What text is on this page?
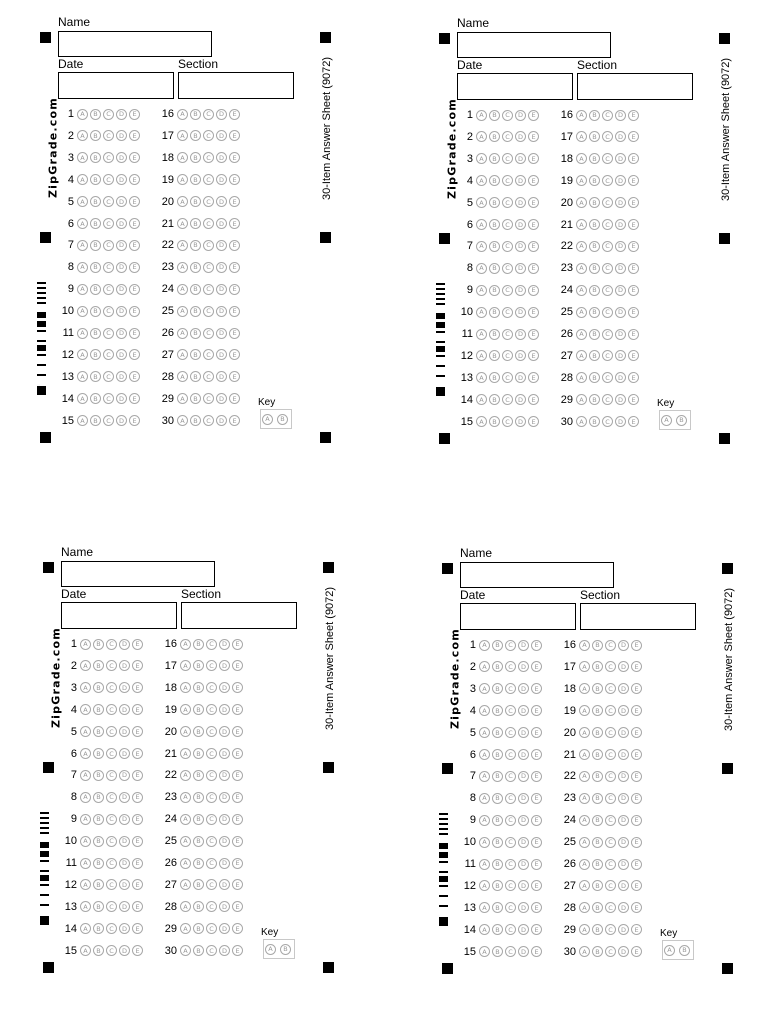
Name
Date	Section
ZipGrade.com	30-Item Answer Sheet (9072)
1 A	B	C	D	E
2 A	B	C	D	E
3 A	B	C	D	E
4 A	B	C	D	E
5 A	B	C	D	E
6 A	B	C	D	E
7 A	B	C	D	E
8 A	B	C	D	E
9 A	B	C	D	E
10 A	B	C	D	E
11 A	B	C	D	E
12 A	B	C	D	E
13 A	B	C	D	E
14 A	B	C	D	E
15 A	B	C	D	E
16 A	B	C	D	E
17 A	B	C	D	E
18 A	B	C	D	E
19 A	B	C	D	E
20 A	B	C	D	E
21 A	B	C	D	E
22 A	B	C	D	E
23 A	B	C	D	E
24 A	B	C	D	E
25 A	B	C	D	E
26 A	B	C	D	E
27 A	B	C	D	E
28 A	B	C	D	E
29 A	B	C	D	E
30 A	B	C	D	E
Key
A	B
Name
Date	Section
ZipGrade.com	30-Item Answer Sheet (9072)
1 A	B	C	D	E
2 A	B	C	D	E
3 A	B	C	D	E
4 A	B	C	D	E
5 A	B	C	D	E
6 A	B	C	D	E
7 A	B	C	D	E
8 A	B	C	D	E
9 A	B	C	D	E
10 A	B	C	D	E
11 A	B	C	D	E
12 A	B	C	D	E
13 A	B	C	D	E
14 A	B	C	D	E
15 A	B	C	D	E
16 A	B	C	D	E
17 A	B	C	D	E
18 A	B	C	D	E
19 A	B	C	D	E
20 A	B	C	D	E
21 A	B	C	D	E
22 A	B	C	D	E
23 A	B	C	D	E
24 A	B	C	D	E
25 A	B	C	D	E
26 A	B	C	D	E
27 A	B	C	D	E
28 A	B	C	D	E
29 A	B	C	D	E
30 A	B	C	D	E
Key
A	B
Name
Date	Section
ZipGrade.com	30-Item Answer Sheet (9072)
1 A	B	C	D	E
2 A	B	C	D	E
3 A	B	C	D	E
4 A	B	C	D	E
5 A	B	C	D	E
6 A	B	C	D	E
7 A	B	C	D	E
8 A	B	C	D	E
9 A	B	C	D	E
10 A	B	C	D	E
11 A	B	C	D	E
12 A	B	C	D	E
13 A	B	C	D	E
14 A	B	C	D	E
15 A	B	C	D	E
16 A	B	C	D	E
17 A	B	C	D	E
18 A	B	C	D	E
19 A	B	C	D	E
20 A	B	C	D	E
21 A	B	C	D	E
22 A	B	C	D	E
23 A	B	C	D	E
24 A	B	C	D	E
25 A	B	C	D	E
26 A	B	C	D	E
27 A	B	C	D	E
28 A	B	C	D	E
29 A	B	C	D	E
30 A	B	C	D	E
Key
A	B
Name
Date	Section
ZipGrade.com	30-Item Answer Sheet (9072)
1 A	B	C	D	E
2 A	B	C	D	E
3 A	B	C	D	E
4 A	B	C	D	E
5 A	B	C	D	E
6 A	B	C	D	E
7 A	B	C	D	E
8 A	B	C	D	E
9 A	B	C	D	E
10 A	B	C	D	E
11 A	B	C	D	E
12 A	B	C	D	E
13 A	B	C	D	E
14 A	B	C	D	E
15 A	B	C	D	E
16 A	B	C	D	E
17 A	B	C	D	E
18 A	B	C	D	E
19 A	B	C	D	E
20 A	B	C	D	E
21 A	B	C	D	E
22 A	B	C	D	E
23 A	B	C	D	E
24 A	B	C	D	E
25 A	B	C	D	E
26 A	B	C	D	E
27 A	B	C	D	E
28 A	B	C	D	E
29 A	B	C	D	E
30 A	B	C	D	E
Key
A	B
